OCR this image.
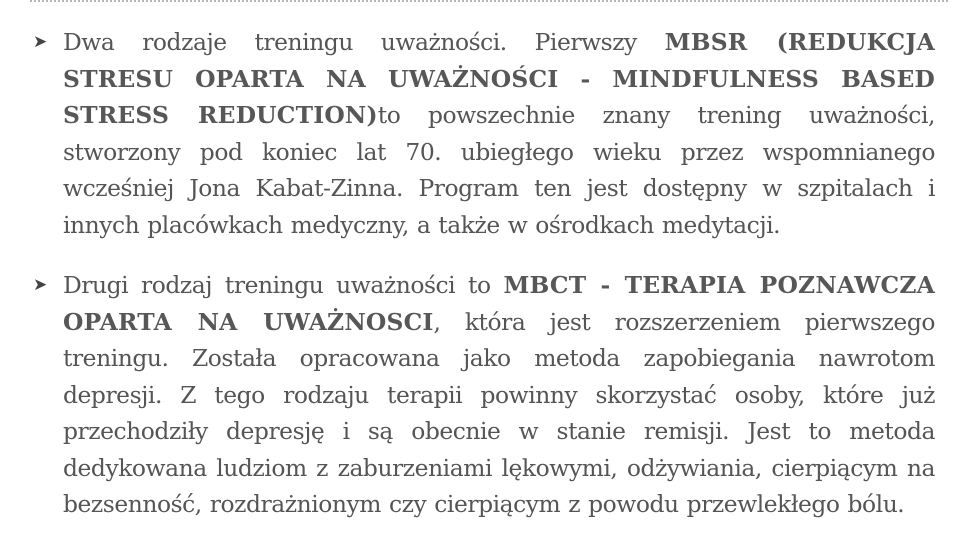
➤ Dwa rodzaje treningu uważności. Pierwszy MBSR (REDUKCJA STRESU OPARTA NA UWAŻNOŚCI - MINDFULNESS BASED STRESS REDUCTION)to powszechnie znany trening uważności, stworzony pod koniec lat 70. ubiegłego wieku przez wspomnianego wcześniej Jona Kabat-Zinna. Program ten jest dostępny w szpitalach i innych placówkach medyczny, a także w ośrodkach medytacji.

➤ Drugi rodzaj treningu uważności to MBCT - TERAPIA POZNAWCZA OPARTA NA UWAŻNOSCI, która jest rozszerzeniem pierwszego treningu. Została opracowana jako metoda zapobiegania nawrotom depresji. Z tego rodzaju terapii powinny skorzystać osoby, które już przechodziły depresję i są obecnie w stanie remisji. Jest to metoda dedykowana ludziom z zaburzeniami lękowymi, odżywiania, cierpiącym na bezsenność, rozdrażnionym czy cierpiącym z powodu przewlekłego bólu.
